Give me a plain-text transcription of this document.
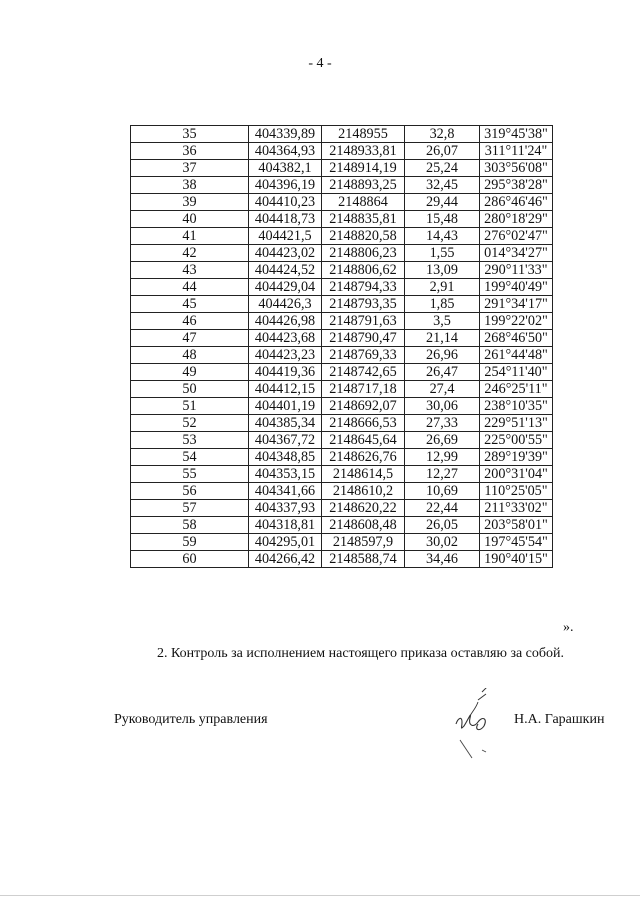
- 4 -
35	404339,89	2148955	32,8	319°45'38"
36	404364,93	2148933,81	26,07	311°11'24"
37	404382,1	2148914,19	25,24	303°56'08"
38	404396,19	2148893,25	32,45	295°38'28"
39	404410,23	2148864	29,44	286°46'46"
40	404418,73	2148835,81	15,48	280°18'29"
41	404421,5	2148820,58	14,43	276°02'47"
42	404423,02	2148806,23	1,55	014°34'27"
43	404424,52	2148806,62	13,09	290°11'33"
44	404429,04	2148794,33	2,91	199°40'49"
45	404426,3	2148793,35	1,85	291°34'17"
46	404426,98	2148791,63	3,5	199°22'02"
47	404423,68	2148790,47	21,14	268°46'50"
48	404423,23	2148769,33	26,96	261°44'48"
49	404419,36	2148742,65	26,47	254°11'40"
50	404412,15	2148717,18	27,4	246°25'11"
51	404401,19	2148692,07	30,06	238°10'35"
52	404385,34	2148666,53	27,33	229°51'13"
53	404367,72	2148645,64	26,69	225°00'55"
54	404348,85	2148626,76	12,99	289°19'39"
55	404353,15	2148614,5	12,27	200°31'04"
56	404341,66	2148610,2	10,69	110°25'05"
57	404337,93	2148620,22	22,44	211°33'02"
58	404318,81	2148608,48	26,05	203°58'01"
59	404295,01	2148597,9	30,02	197°45'54"
60	404266,42	2148588,74	34,46	190°40'15"
».
2. Контроль за исполнением настоящего приказа оставляю за собой.
Руководитель управления	Н.А. Гарашкин
